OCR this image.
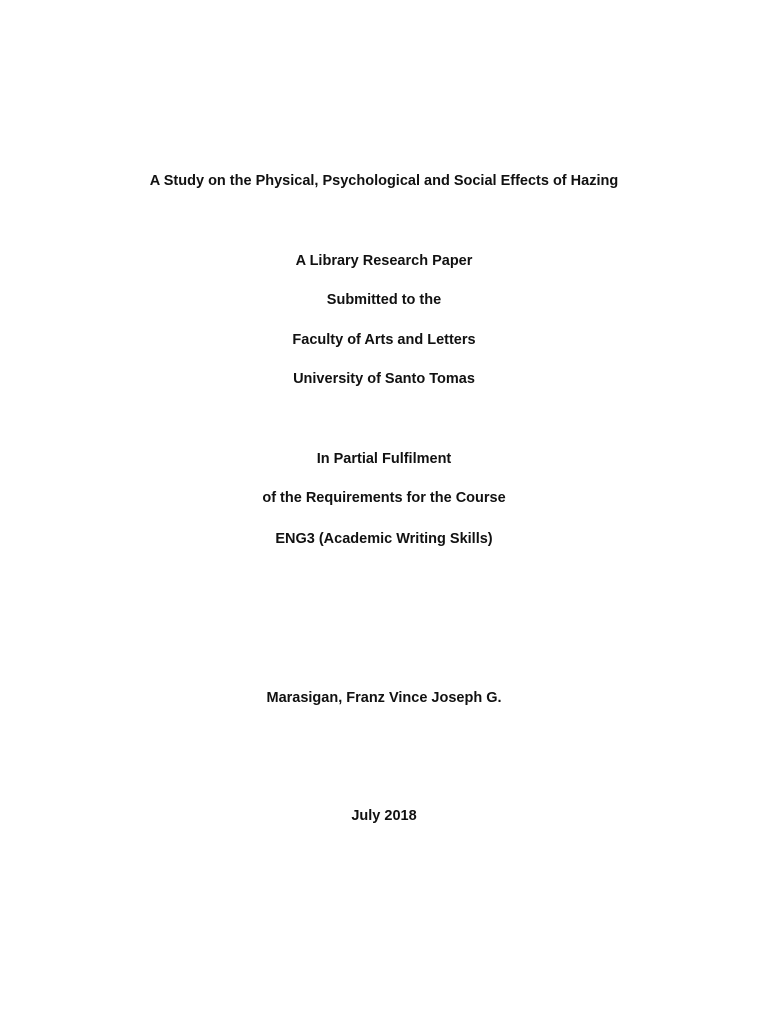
A Study on the Physical, Psychological and Social Effects of Hazing
A Library Research Paper
Submitted to the
Faculty of Arts and Letters
University of Santo Tomas
In Partial Fulfilment
of the Requirements for the Course
ENG3 (Academic Writing Skills)
Marasigan, Franz Vince Joseph G.
July 2018
